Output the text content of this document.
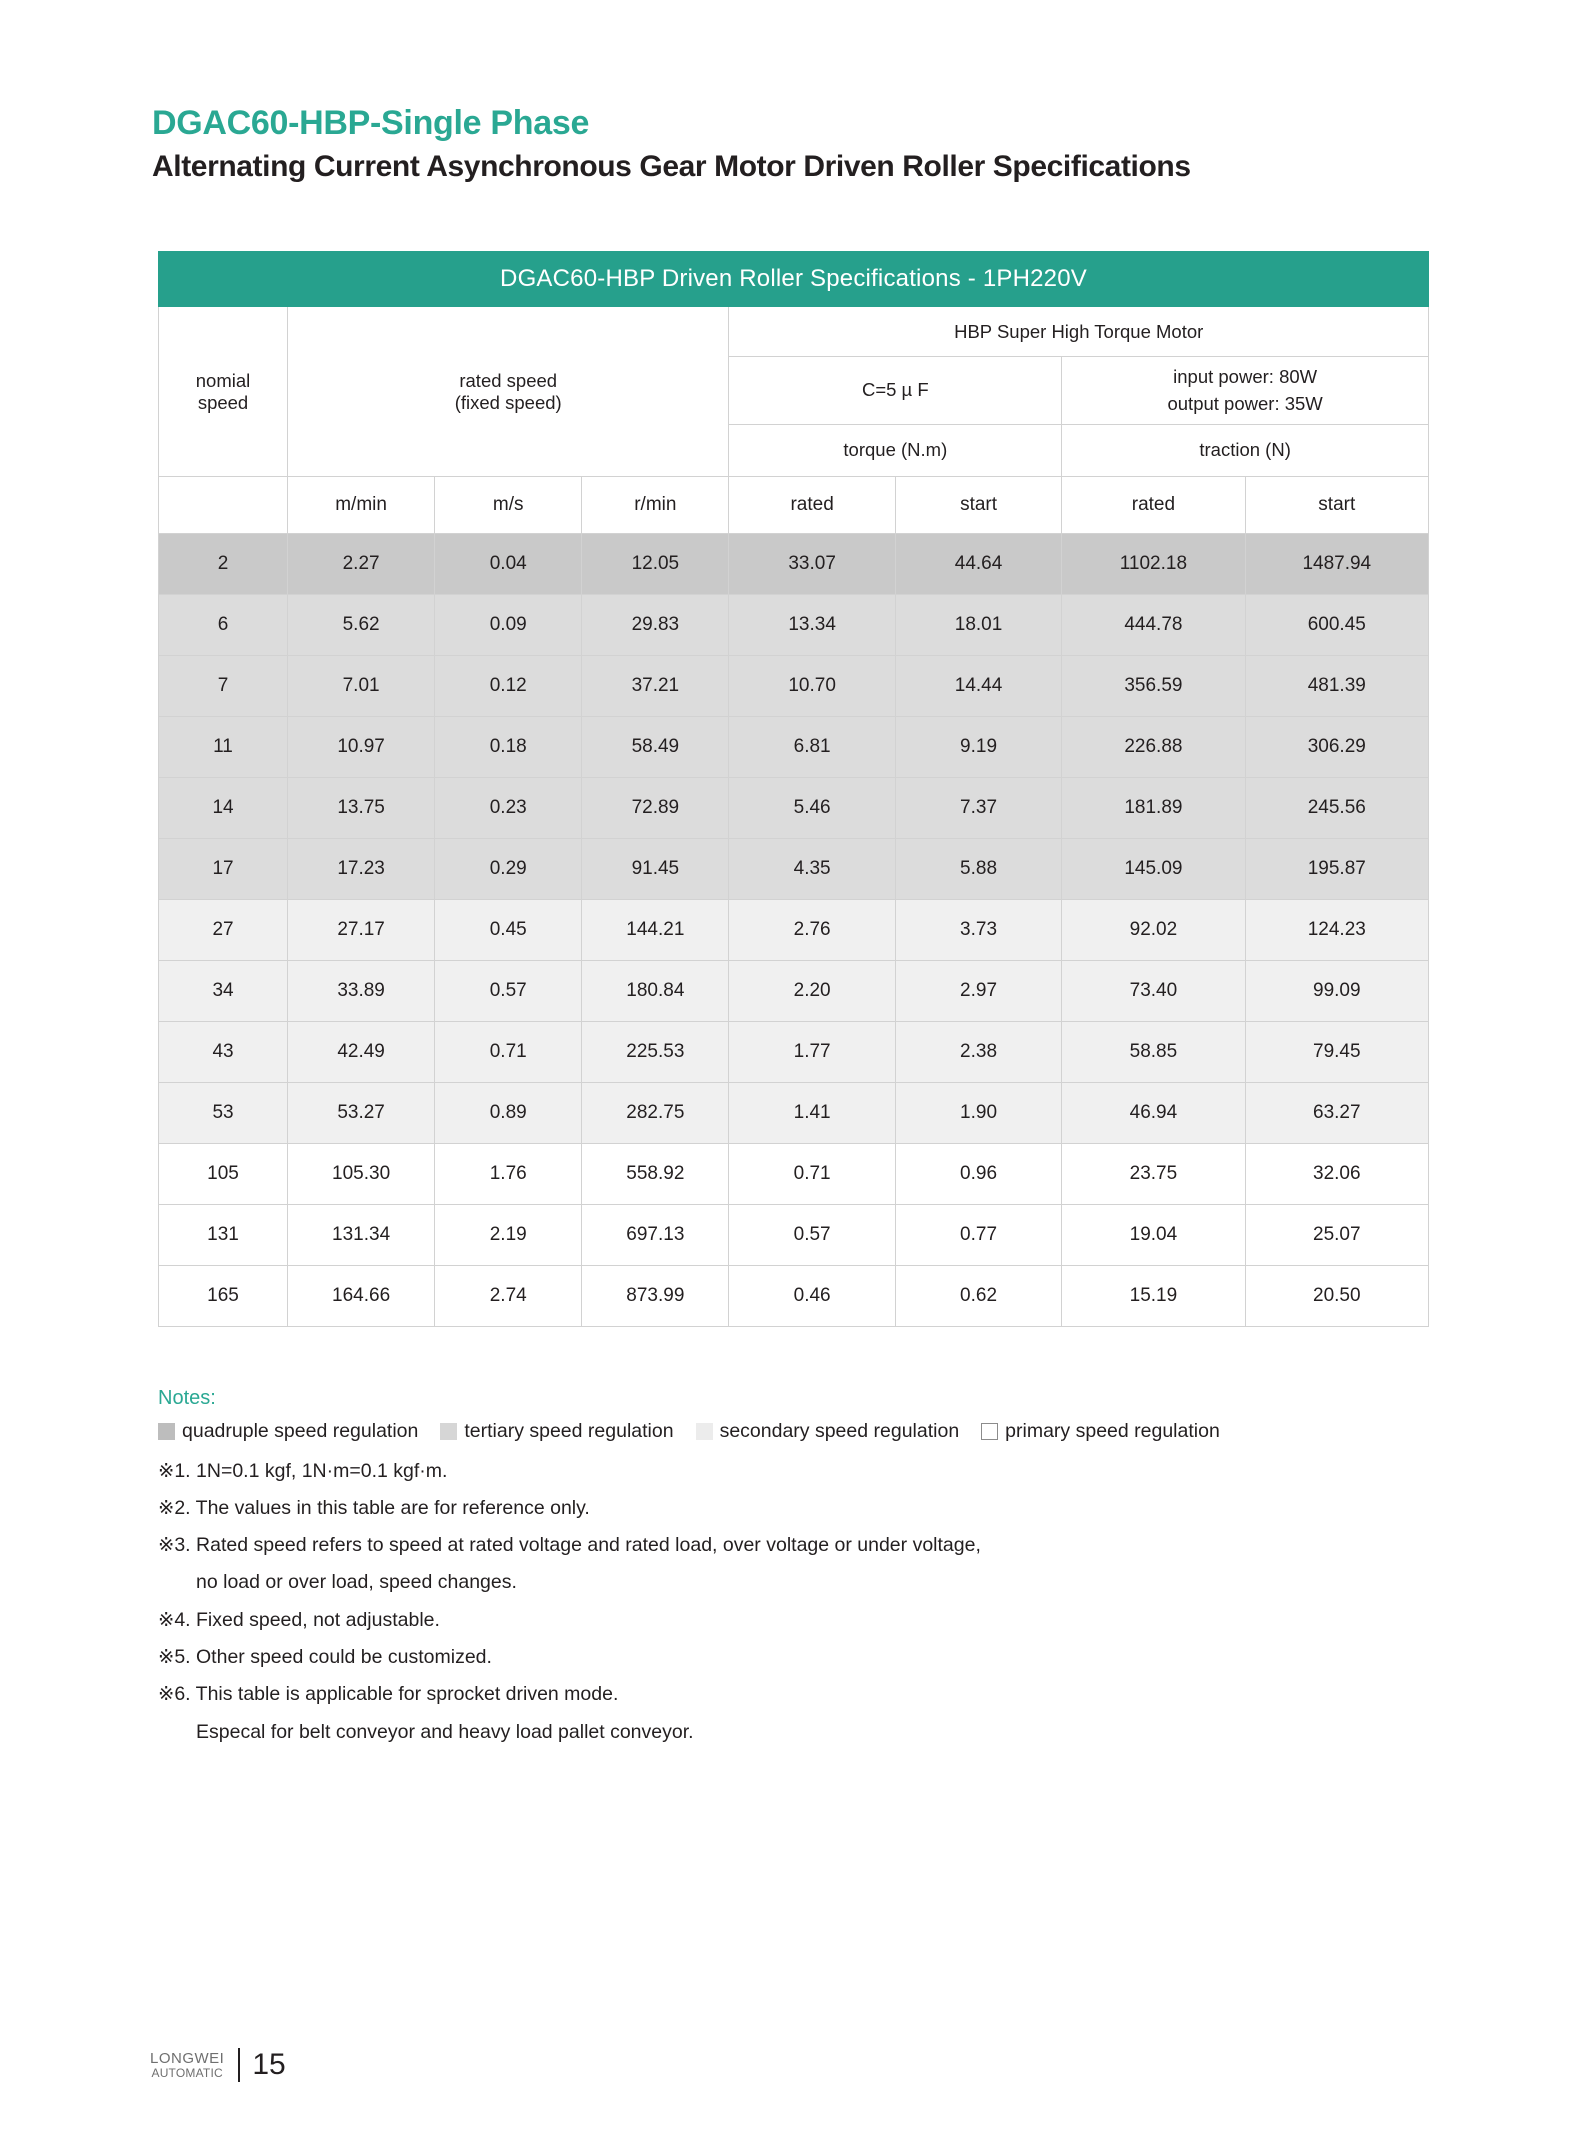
DGAC60-HBP-Single Phase
Alternating Current Asynchronous Gear Motor Driven Roller Specifications
DGAC60-HBP Driven Roller Specifications - 1PH220V							

nomial
speed

rated speed
(fixed speed)
	HBP Super High Torque Motor
				C=5 µ F		input power: 80W
output power: 35W	

				torque (N.m)		traction (N)	
	m/min	m/s	r/min	rated	start	rated	start
2	2.27	0.04	12.05	33.07	44.64	1102.18	1487.94
6	5.62	0.09	29.83	13.34	18.01	444.78	600.45
7	7.01	0.12	37.21	10.70	14.44	356.59	481.39
11	10.97	0.18	58.49	6.81	9.19	226.88	306.29
14	13.75	0.23	72.89	5.46	7.37	181.89	245.56
17	17.23	0.29	91.45	4.35	5.88	145.09	195.87
27	27.17	0.45	144.21	2.76	3.73	92.02	124.23
34	33.89	0.57	180.84	2.20	2.97	73.40	99.09
43	42.49	0.71	225.53	1.77	2.38	58.85	79.45
53	53.27	0.89	282.75	1.41	1.90	46.94	63.27
105	105.30	1.76	558.92	0.71	0.96	23.75	32.06
131	131.34	2.19	697.13	0.57	0.77	19.04	25.07
165	164.66	2.74	873.99	0.46	0.62	15.19	20.50
Notes:
quadruple speed regulation tertiary speed regulation secondary speed regulation primary speed regulation
※1. 1N=0.1 kgf, 1N·m=0.1 kgf·m.
※2. The values in this table are for reference only.
※3. Rated speed refers to speed at rated voltage and rated load, over voltage or under voltage,
no load or over load, speed changes.
※4. Fixed speed, not adjustable.
※5. Other speed could be customized.
※6. This table is applicable for sprocket driven mode.
Especal for belt conveyor and heavy load pallet conveyor.
LONGWEI
AUTOMATIC 15
